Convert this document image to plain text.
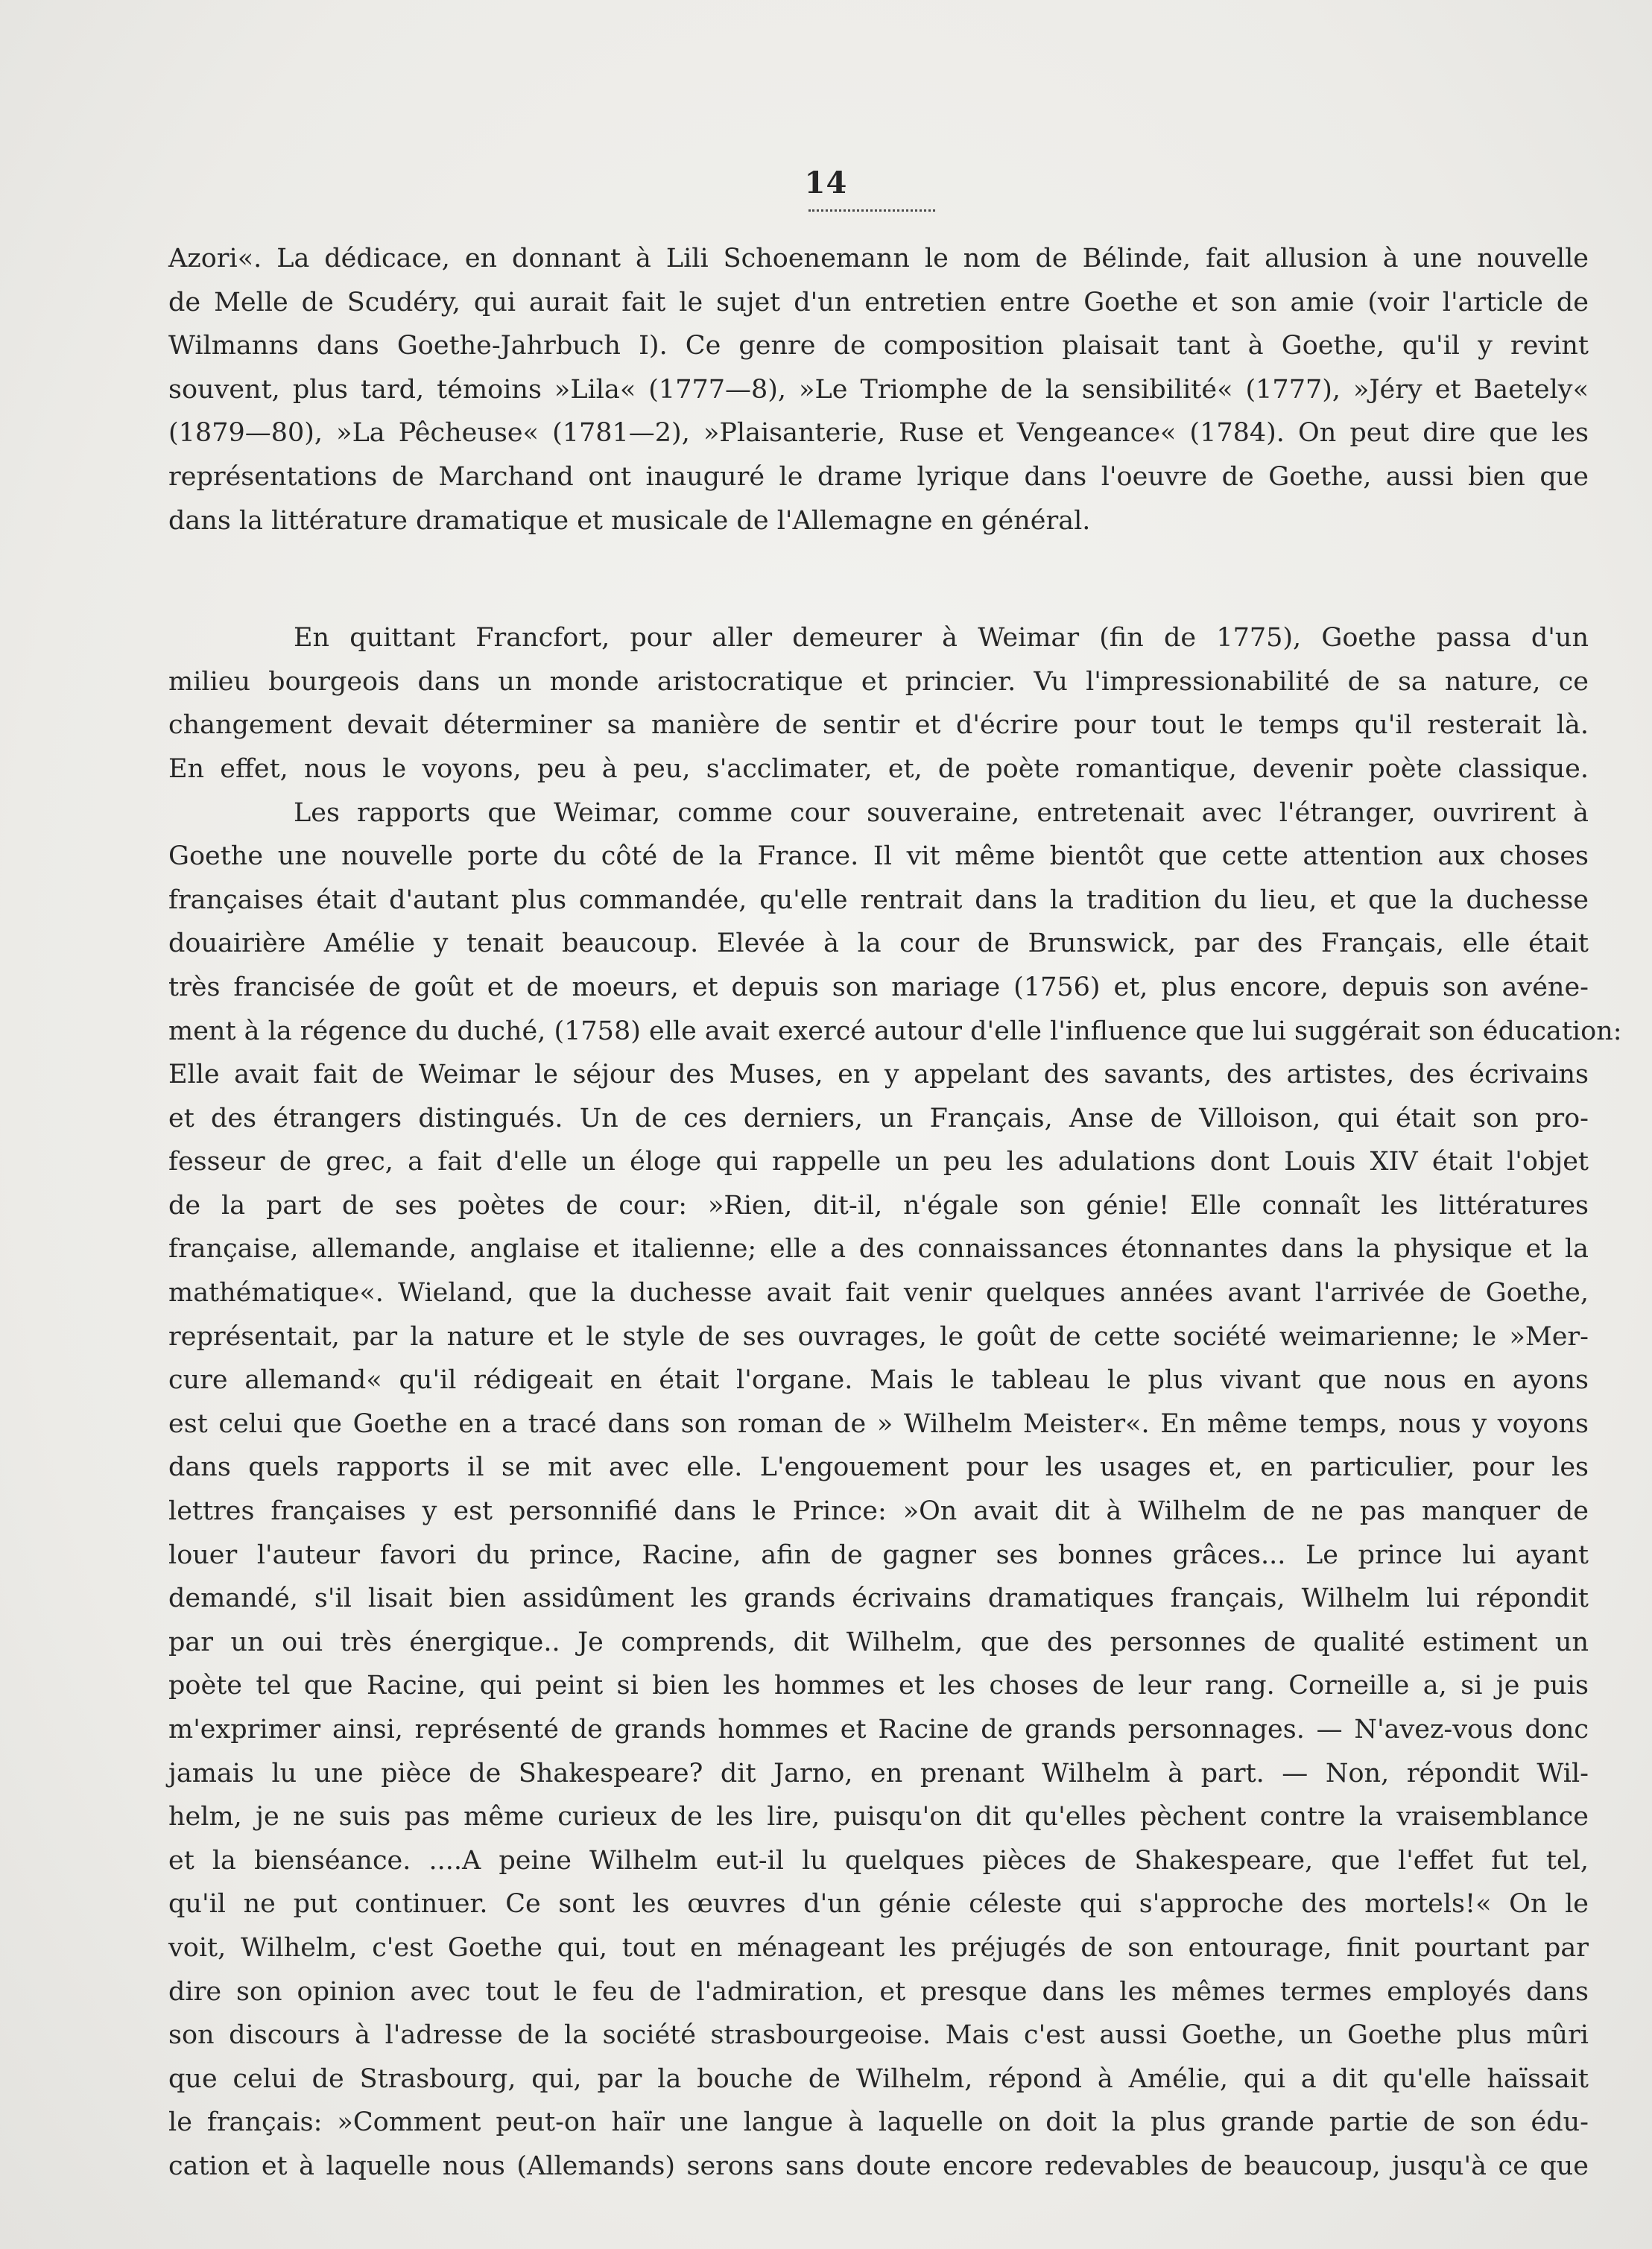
14
Azori«. La dédicace, en donnant à Lili Schoenemann le nom de Bélinde, fait allusion à une nouvelle
de Melle de Scudéry, qui aurait fait le sujet d'un entretien entre Goethe et son amie (voir l'article de
Wilmanns dans Goethe-Jahrbuch I). Ce genre de composition plaisait tant à Goethe, qu'il y revint
souvent, plus tard, témoins »Lila« (1777—8), »Le Triomphe de la sensibilité« (1777), »Jéry et Baetely«
(1879—80), »La Pêcheuse« (1781—2), »Plaisanterie, Ruse et Vengeance« (1784). On peut dire que les
représentations de Marchand ont inauguré le drame lyrique dans l'oeuvre de Goethe, aussi bien que
dans la littérature dramatique et musicale de l'Allemagne en général.
En quittant Francfort, pour aller demeurer à Weimar (fin de 1775), Goethe passa d'un
milieu bourgeois dans un monde aristocratique et princier. Vu l'impressionabilité de sa nature, ce
changement devait déterminer sa manière de sentir et d'écrire pour tout le temps qu'il resterait là.
En effet, nous le voyons, peu à peu, s'acclimater, et, de poète romantique, devenir poète classique.
Les rapports que Weimar, comme cour souveraine, entretenait avec l'étranger, ouvrirent à
Goethe une nouvelle porte du côté de la France. Il vit même bientôt que cette attention aux choses
françaises était d'autant plus commandée, qu'elle rentrait dans la tradition du lieu, et que la duchesse
douairière Amélie y tenait beaucoup. Elevée à la cour de Brunswick, par des Français, elle était
très francisée de goût et de moeurs, et depuis son mariage (1756) et, plus encore, depuis son avéne-
ment à la régence du duché, (1758) elle avait exercé autour d'elle l'influence que lui suggérait son éducation:
Elle avait fait de Weimar le séjour des Muses, en y appelant des savants, des artistes, des écrivains
et des étrangers distingués. Un de ces derniers, un Français, Anse de Villoison, qui était son pro-
fesseur de grec, a fait d'elle un éloge qui rappelle un peu les adulations dont Louis XIV était l'objet
de la part de ses poètes de cour: »Rien, dit-il, n'égale son génie! Elle connaît les littératures
française, allemande, anglaise et italienne; elle a des connaissances étonnantes dans la physique et la
mathématique«. Wieland, que la duchesse avait fait venir quelques années avant l'arrivée de Goethe,
représentait, par la nature et le style de ses ouvrages, le goût de cette société weimarienne; le »Mer-
cure allemand« qu'il rédigeait en était l'organe. Mais le tableau le plus vivant que nous en ayons
est celui que Goethe en a tracé dans son roman de » Wilhelm Meister«. En même temps, nous y voyons
dans quels rapports il se mit avec elle. L'engouement pour les usages et, en particulier, pour les
lettres françaises y est personnifié dans le Prince: »On avait dit à Wilhelm de ne pas manquer de
louer l'auteur favori du prince, Racine, afin de gagner ses bonnes grâces... Le prince lui ayant
demandé, s'il lisait bien assidûment les grands écrivains dramatiques français, Wilhelm lui répondit
par un oui très énergique.. Je comprends, dit Wilhelm, que des personnes de qualité estiment un
poète tel que Racine, qui peint si bien les hommes et les choses de leur rang. Corneille a, si je puis
m'exprimer ainsi, représenté de grands hommes et Racine de grands personnages. — N'avez-vous donc
jamais lu une pièce de Shakespeare? dit Jarno, en prenant Wilhelm à part. — Non, répondit Wil-
helm, je ne suis pas même curieux de les lire, puisqu'on dit qu'elles pèchent contre la vraisemblance
et la bienséance. ....A peine Wilhelm eut-il lu quelques pièces de Shakespeare, que l'effet fut tel,
qu'il ne put continuer. Ce sont les œuvres d'un génie céleste qui s'approche des mortels!« On le
voit, Wilhelm, c'est Goethe qui, tout en ménageant les préjugés de son entourage, finit pourtant par
dire son opinion avec tout le feu de l'admiration, et presque dans les mêmes termes employés dans
son discours à l'adresse de la société strasbourgeoise. Mais c'est aussi Goethe, un Goethe plus mûri
que celui de Strasbourg, qui, par la bouche de Wilhelm, répond à Amélie, qui a dit qu'elle haïssait
le français: »Comment peut-on haïr une langue à laquelle on doit la plus grande partie de son édu-
cation et à laquelle nous (Allemands) serons sans doute encore redevables de beaucoup, jusqu'à ce que
